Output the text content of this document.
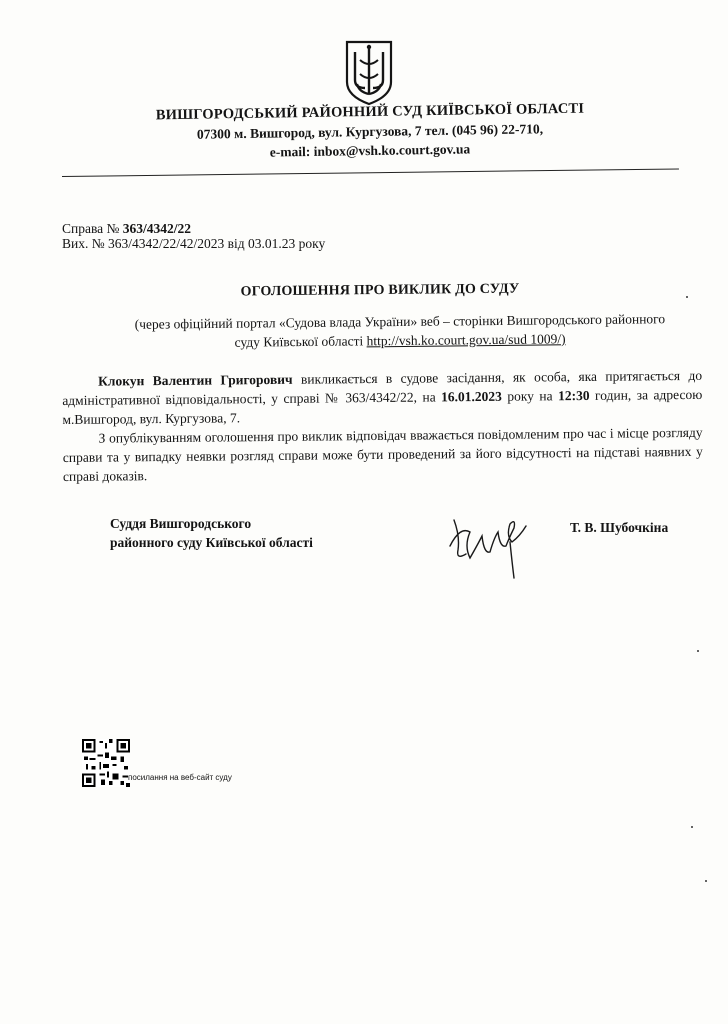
ВИШГОРОДСЬКИЙ РАЙОННИЙ СУД КИЇВСЬКОЇ ОБЛАСТІ
07300 м. Вишгород, вул. Кургузова, 7 тел. (045 96) 22-710,
e-mail: inbox@vsh.ko.court.gov.ua
Справа № 363/4342/22
Вих. № 363/4342/22/42/2023 від 03.01.23 року
ОГОЛОШЕННЯ ПРО ВИКЛИК ДО СУДУ
(через офіційний портал «Судова влада України» веб – сторінки Вишгородського районного
суду Київської області http://vsh.ko.court.gov.ua/sud 1009/)

Клокун Валентин Григорович викликається в судове засідання, як особа, яка притягається до адміністративної відповідальності, у справі № 363/4342/22, на 16.01.2023 року на 12:30 годин, за адресою м.Вишгород, вул. Кургузова, 7.

З опублікуванням оголошення про виклик відповідач вважається повідомленим про час і місце розгляду справи та у випадку неявки розгляд справи може бути проведений за його відсутності на підставі наявних у справі доказів.

Суддя Вишгородського
районного суду Київської області
Т. В. Шубочкіна
посилання на веб-сайт суду
